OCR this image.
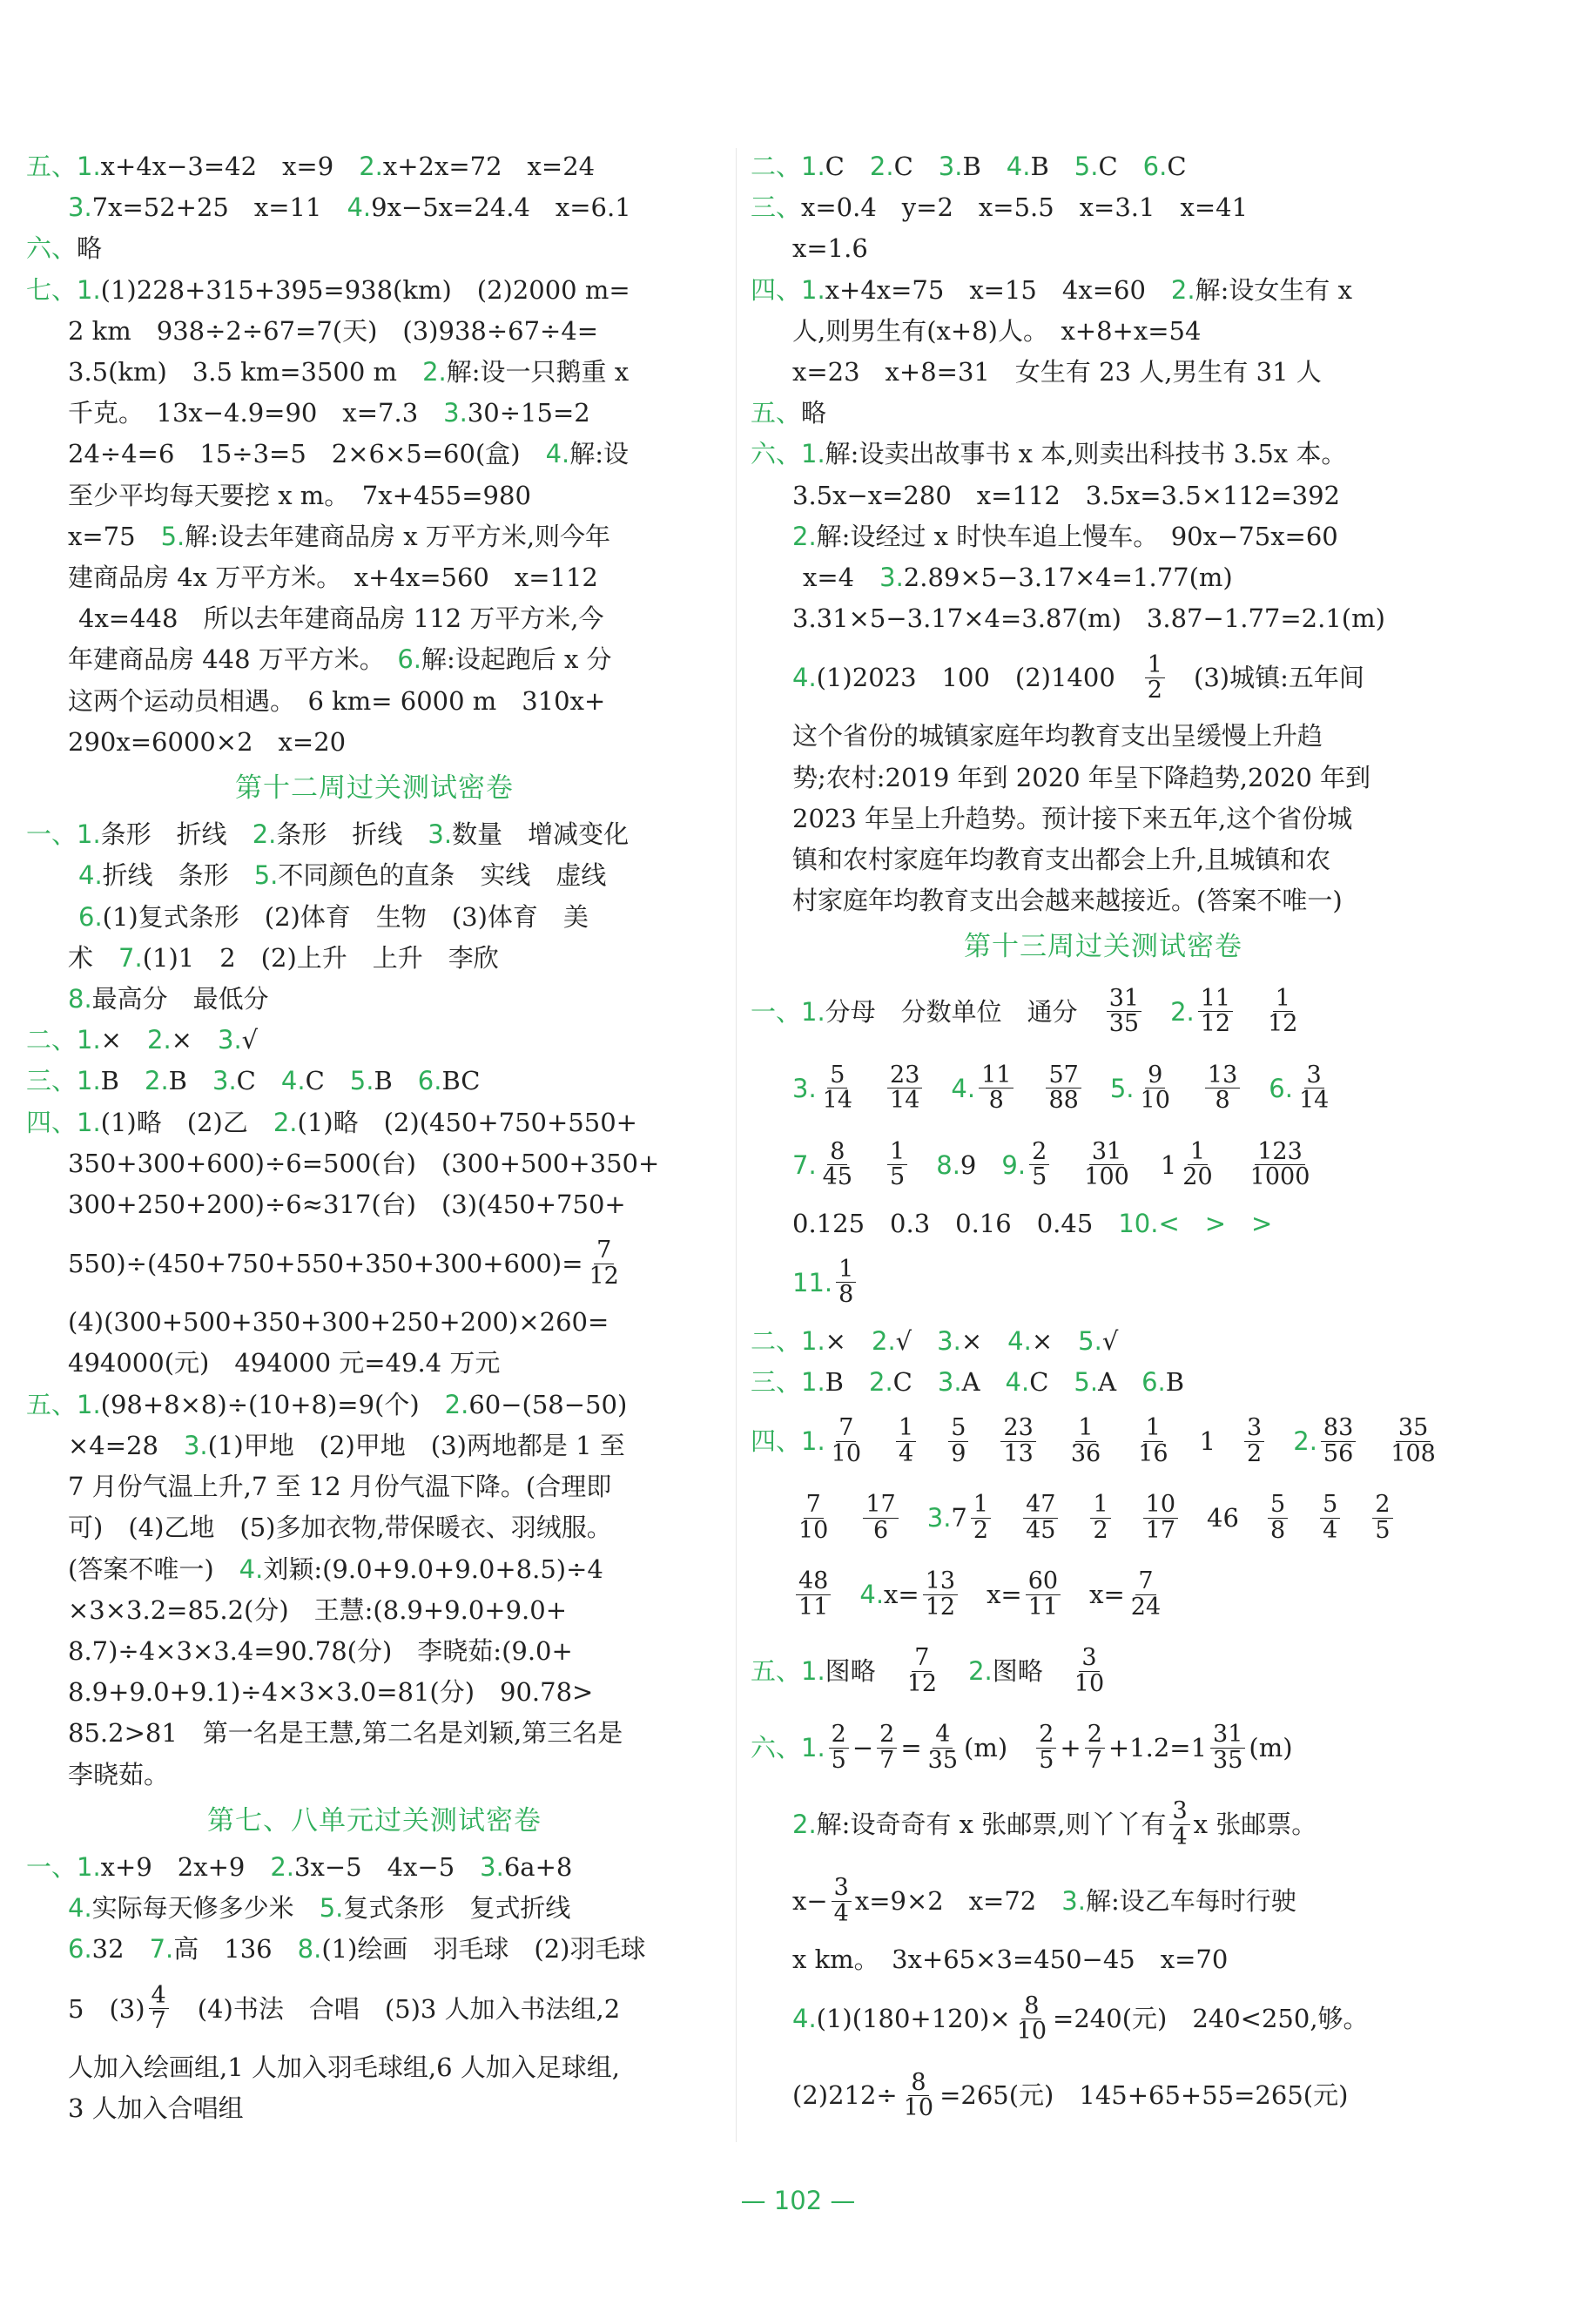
五、1.x+4x−3=42　x=9　 2.x+2x=72　x=24
3.7x=52+25　x=11　 4.9x−5x=24.4　x=6.1
六、略
七、1.(1)228+315+395=938(km)　(2)2000 m=
2 km　938÷2÷67=7(天)　(3)938÷67÷4=
3.5(km)　3.5 km=3500 m　 2.解:设一只鹅重 x
千克。　13x−4.9=90　x=7.3　 3.30÷15=2
24÷4=6　15÷3=5　2×6×5=60(盒)　 4.解:设
至少平均每天要挖 x m。　7x+455=980
x=75　 5.解:设去年建商品房 x 万平方米,则今年
建商品房 4x 万平方米。　x+4x=560　x=112
4x=448　所以去年建商品房 112 万平方米,今
年建商品房 448 万平方米。　 6.解:设起跑后 x 分
这两个运动员相遇。　6 km= 6000 m　310x+
290x=6000×2　x=20
第十二周过关测试密卷
一、1.条形　折线　 2.条形　折线　 3.数量　增减变化
4.折线　条形　 5.不同颜色的直条　实线　虚线
6.(1)复式条形　(2)体育　生物　(3)体育　美
术　 7.(1)1　2　(2)上升　上升　李欣
8.最高分　最低分
二、1.×　 2.×　 3.√
三、1.B　 2.B　 3.C　 4.C　 5.B　 6.BC
四、1.(1)略　(2)乙　 2.(1)略　(2)(450+750+550+
350+300+600)÷6=500(台)　(300+500+350+
300+250+200)÷6≈317(台)　(3)(450+750+
$550)\div(450+750+550+350+300+600)= \frac{7}{12}$
(4)(300+500+350+300+250+200)×260=
494000(元)　494000 元=49.4 万元
五、1.(98+8×8)÷(10+8)=9(个)　 2.60−(58−50)
×4=28　 3.(1)甲地　(2)甲地　(3)两地都是 1 至
7 月份气温上升,7 至 12 月份气温下降。(合理即
可)　(4)乙地　(5)多加衣物,带保暖衣、羽绒服。
(答案不唯一)　 4.刘颖:(9.0+9.0+9.0+8.5)÷4
×3×3.2=85.2(分)　王慧:(8.9+9.0+9.0+
8.7)÷4×3×3.4=90.78(分)　李晓茹:(9.0+
8.9+9.0+9.1)÷4×3×3.0=81(分)　90.78>
85.2>81　第一名是王慧,第二名是刘颖,第三名是
李晓茹。
第七、八单元过关测试密卷
一、1.x+9　2x+9　 2.3x−5　4x−5　 3.6a+8
4.实际每天修多少米　 5.复式条形　复式折线
6.32　 7.高　136　 8.(1)绘画　羽毛球　(2)羽毛球
5　$(3) \frac{4}{7}$
　 (4)书法　合唱　(5)3 人加入书法组,2
人加入绘画组,1 人加入羽毛球组,6 人加入足球组,
3 人加入合唱组
二、1.C　 2.C　 3.B　 4.B　 5.C　 6.C
三、x=0.4　y=2　x=5.5　x=3.1　x=41
x=1.6
四、1.x+4x=75　x=15　4x=60　 2.解:设女生有 x
人,则男生有(x+8)人。　x+8+x=54
x=23　x+8=31　女生有 23 人,男生有 31 人
五、略
六、1.解:设卖出故事书 x 本,则卖出科技书 3.5x 本。
3.5x−x=280　x=112　3.5x=3.5×112=392
2.解:设经过 x 时快车追上慢车。　90x−75x=60
x=4　 3.2.89×5−3.17×4=1.77(m)
3.31×5−3.17×4=3.87(m)　3.87−1.77=2.1(m)
4.(1)2023　100　$(2)1400 \frac{1}{2}$
　 (3)城镇:五年间
这个省份的城镇家庭年均教育支出呈缓慢上升趋
势;农村:2019 年到 2020 年呈下降趋势,2020 年到
2023 年呈上升趋势。预计接下来五年,这个省份城
镇和农村家庭年均教育支出都会上升,且城镇和农
村家庭年均教育支出会越来越接近。(答案不唯一)
第十三周过关测试密卷
一、1.分母　分数单位　通分　 $\frac{31}{35}$
　 2. $\frac{11}{12}$
　 $\frac{1}{12}$
3. $\frac{5}{14}$
　 $\frac{23}{14}$
　 4. $\frac{11}{8}$
　 $\frac{57}{88}$
　 5. $\frac{9}{10}$
　 $\frac{13}{8}$
　 6. $\frac{3}{14}$
7. $\frac{8}{45}$
　 $\frac{1}{5}$
　 8.9　 9. $\frac{2}{5}$
　 $\frac{31}{100}$
　 $1 \frac{1}{20}$
　 $\frac{123}{1000}$
0.125　0.3　0.16　0.45　 10.<　>　>
11. $\frac{1}{8}$
二、1.×　 2.√　 3.×　 4.×　 5.√
三、1.B　 2.C　 3.A　 4.C　 5.A　 6.B
四、1. $\frac{7}{10}$
　 $\frac{1}{4}$
　 $\frac{5}{9}$
　 $\frac{23}{13}$
　 $\frac{1}{36}$
　 $\frac{1}{16}$
　 1　 $\frac{3}{2}$
　 2. $\frac{83}{56}$
　 $\frac{35}{108}$
$\frac{7}{10}$
　 $\frac{17}{6}$
　 $3.7 \frac{1}{2}$
　 $\frac{47}{45}$
　 $\frac{1}{2}$
　 $\frac{10}{17}$
　 46　 $\frac{5}{8}$
　 $\frac{5}{4}$
　 $\frac{2}{5}$
$\frac{48}{11}$
　 $4.x= \frac{13}{12}$
　 $x= \frac{60}{11}$
　 $x= \frac{7}{24}$
五、1.图略　 $\frac{7}{12}$
　 2.图略　 $\frac{3}{10}$
六、1. $\frac{2}{5} - \frac{2}{7} = \frac{4}{35} (m)$　 $\frac{2}{5} + \frac{2}{7} +1.2=1 \frac{31}{35} (m)$
2.解:设奇奇有 x 张邮票,则丫丫有 $\frac{3}{4}$ x 张邮票。
$x- \frac{3}{4} x=9\times 2$　x=72　 3.解:设乙车每时行驶
x km。　3x+65×3=450−45　x=70
$4.(1)(180+120)\times \frac{8}{10} =240$(元)　240<250,够。
$(2)212\div \frac{8}{10} =265$(元)　145+65+55=265(元)
— 102 —
